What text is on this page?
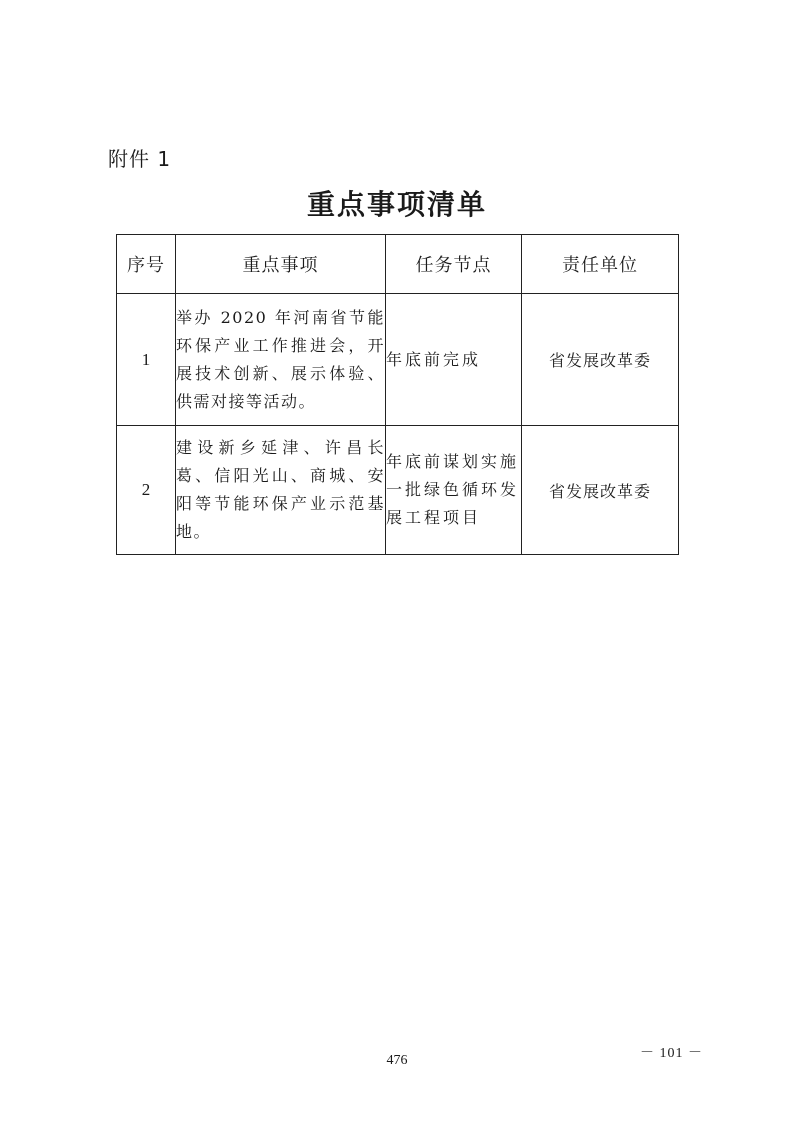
附件 1
重点事项清单
序号	重点事项	任务节点	责任单位
1	举办 2020 年河南省节能环保产业工作推进会，开展技术创新、展示体验、供需对接等活动。	年底前完成	省发展改革委
2	建设新乡延津、许昌长葛、信阳光山、商城、安阳等节能环保产业示范基地。	年底前谋划实施一批绿色循环发展工程项目	省发展改革委
476	－ 101 －
